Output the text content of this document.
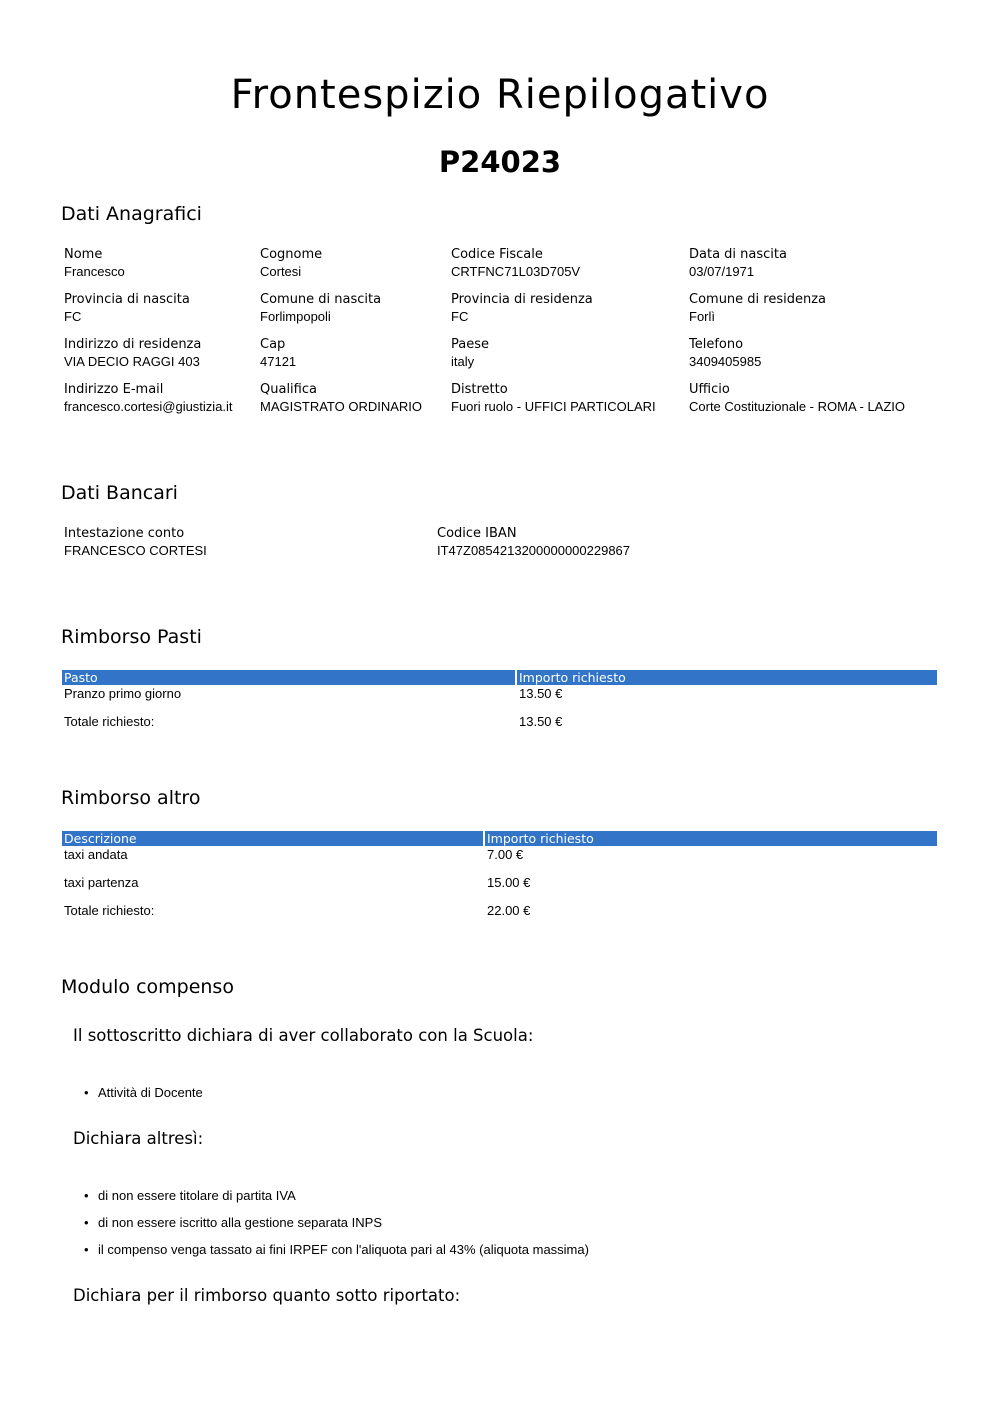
Frontespizio Riepilogativo
P24023
Dati Anagrafici
Nome
Francesco
Cognome
Cortesi
Codice Fiscale
CRTFNC71L03D705V
Data di nascita
03/07/1971
Provincia di nascita
FC
Comune di nascita
Forlimpopoli
Provincia di residenza
FC
Comune di residenza
Forlì
Indirizzo di residenza
VIA DECIO RAGGI 403
Cap
47121
Paese
italy
Telefono
3409405985
Indirizzo E-mail
francesco.cortesi@giustizia.it
Qualifica
MAGISTRATO ORDINARIO
Distretto
Fuori ruolo - UFFICI PARTICOLARI
Ufficio
Corte Costituzionale - ROMA - LAZIO
Dati Bancari
Intestazione conto
FRANCESCO CORTESI
Codice IBAN
IT47Z0854213200000000229867
Rimborso Pasti
Pasto	Importo richiesto
Pranzo primo giorno	13.50 €
Totale richiesto:	13.50 €
Rimborso altro
Descrizione	Importo richiesto
taxi andata	7.00 €
taxi partenza	15.00 €
Totale richiesto:	22.00 €
Modulo compenso

Il sottoscritto dichiara di aver collaborato con la Scuola:

• Attività di Docente

Dichiara altresì:

• di non essere titolare di partita IVA
• di non essere iscritto alla gestione separata INPS
• il compenso venga tassato ai fini IRPEF con l'aliquota pari al 43% (aliquota massima)

Dichiara per il rimborso quanto sotto riportato:
